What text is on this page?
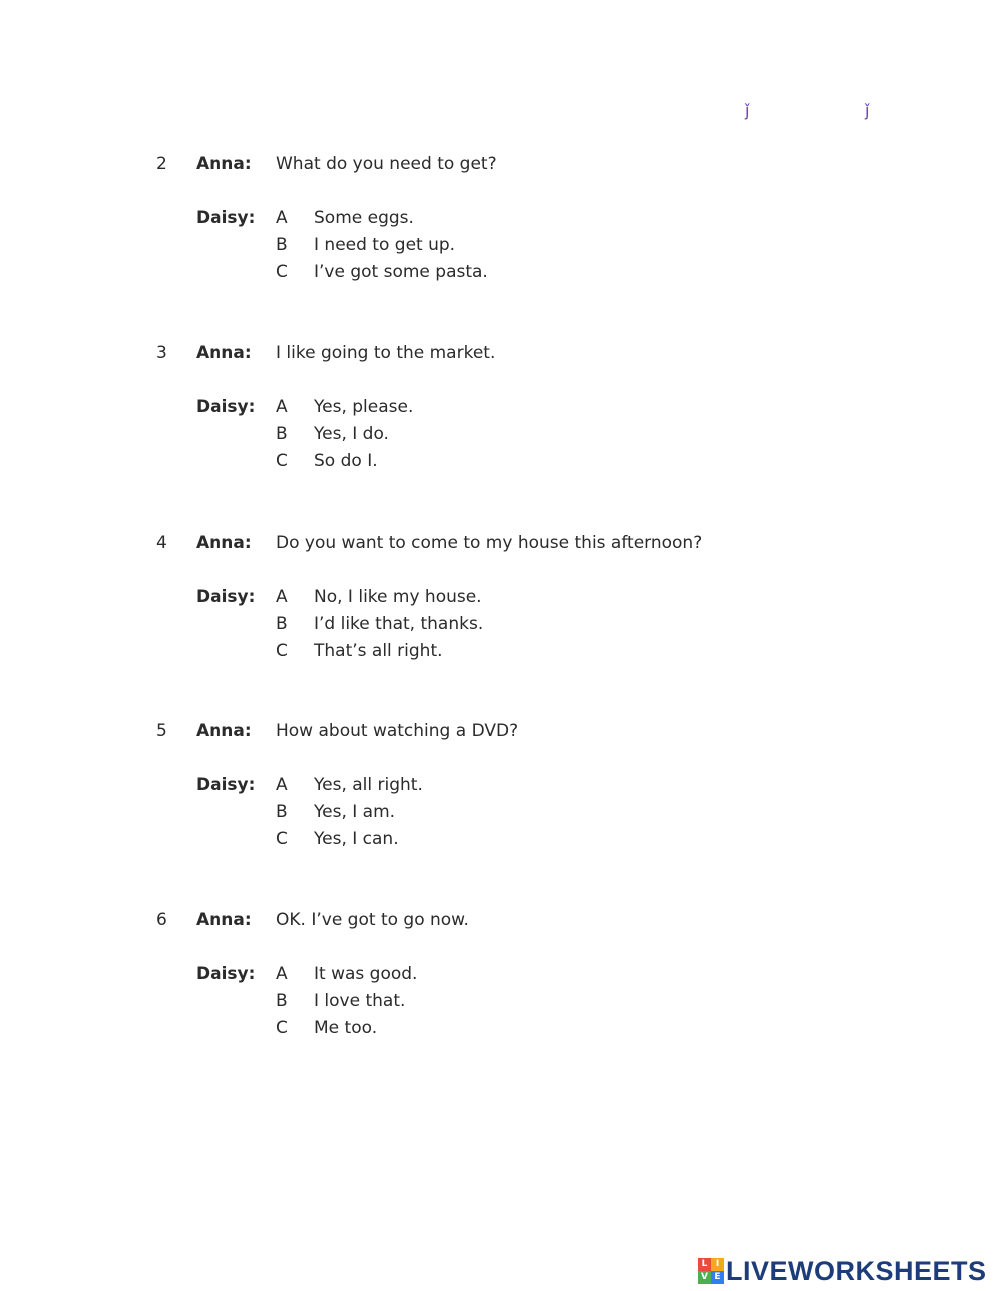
ǰ	ǰ
2 Anna: What do you need to get?
Daisy: A Some eggs.
B I need to get up.
C I’ve got some pasta.
3 Anna: I like going to the market.
Daisy: A Yes, please.
B Yes, I do.
C So do I.
4 Anna: Do you want to come to my house this afternoon?
Daisy: A No, I like my house.
B I’d like that, thanks.
C That’s all right.
5 Anna: How about watching a DVD?
Daisy: A Yes, all right.
B Yes, I am.
C Yes, I can.
6 Anna: OK. I’ve got to go now.
Daisy: A It was good.
B I love that.
C Me too.
L I
V E LIVEWORKSHEETS
